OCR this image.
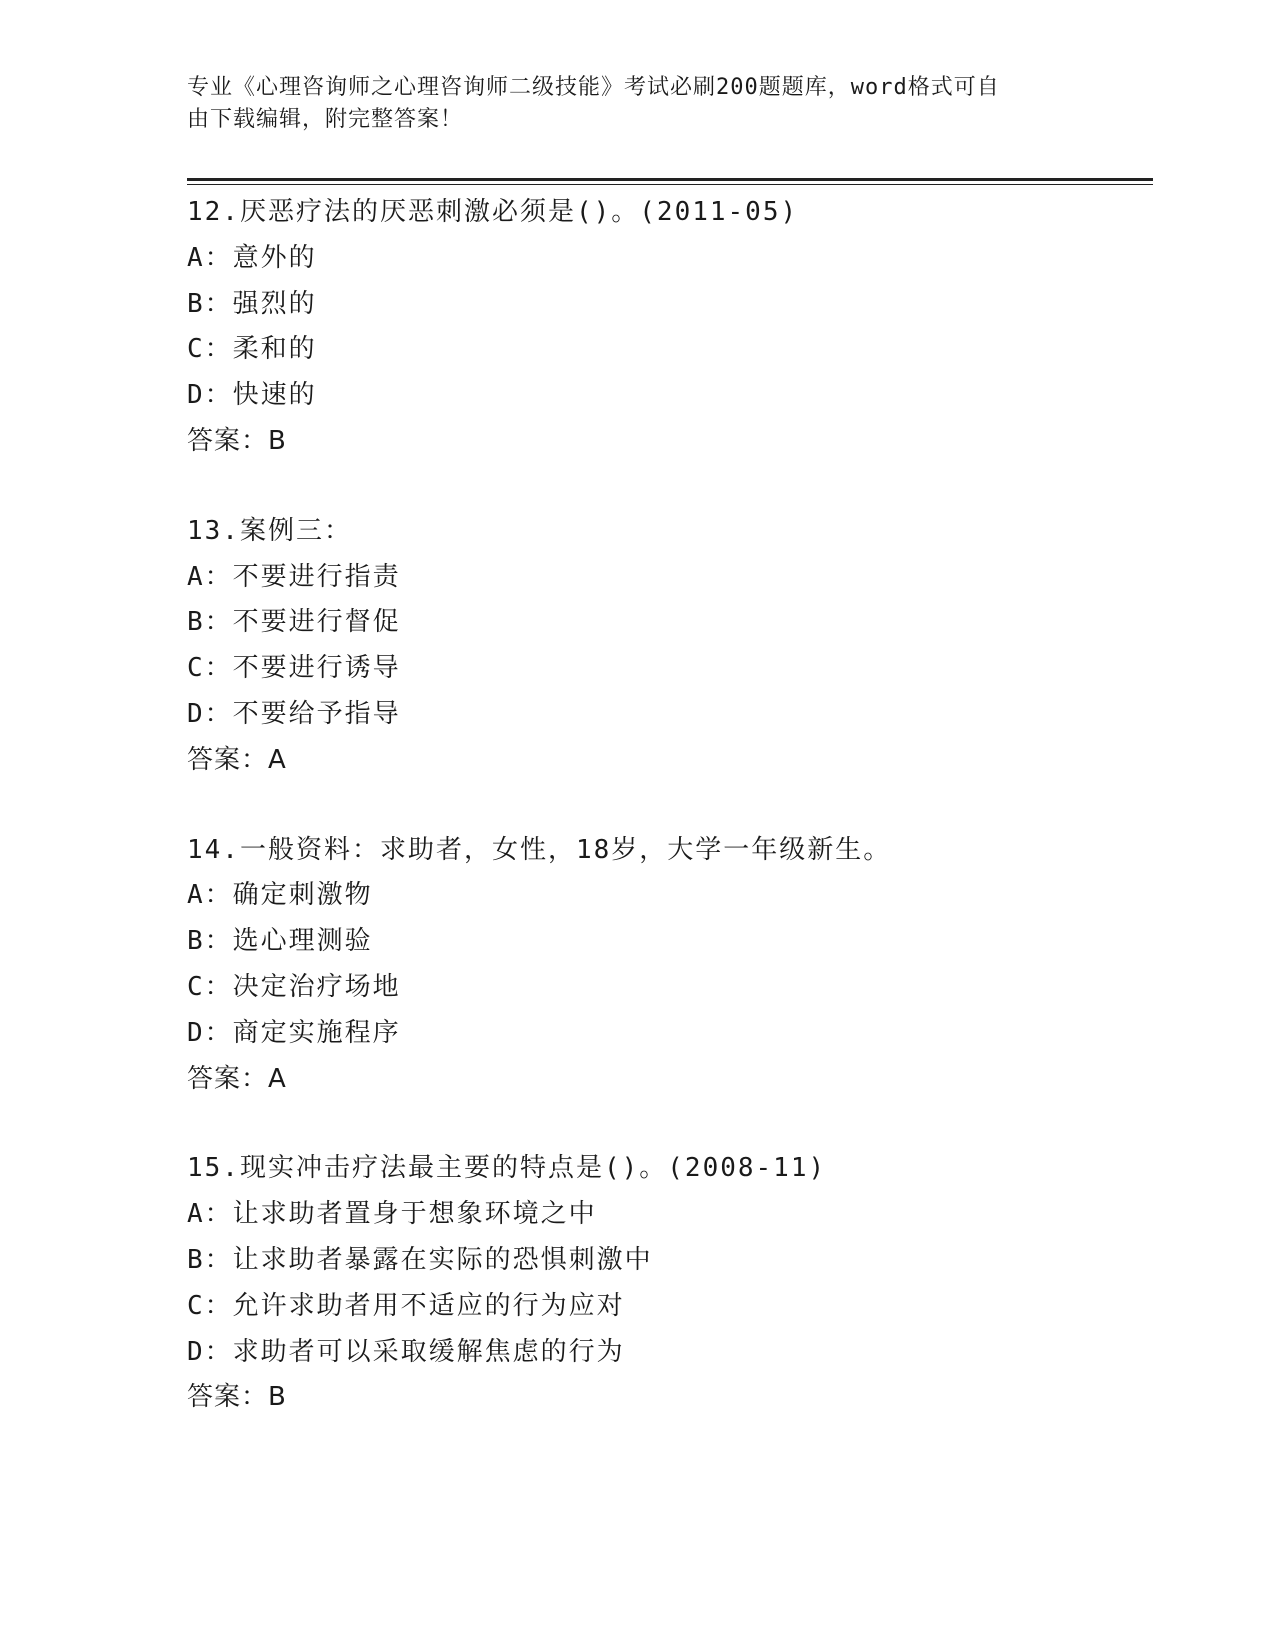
专业《心理咨询师之心理咨询师二级技能》考试必刷200题题库，word格式可自
由下载编辑，附完整答案！
12.厌恶疗法的厌恶刺激必须是()。(2011-05)
A：意外的
B：强烈的
C：柔和的
D：快速的
答案：B
13.案例三：
A：不要进行指责
B：不要进行督促
C：不要进行诱导
D：不要给予指导
答案：A
14.一般资料：求助者，女性，18岁，大学一年级新生。
A：确定刺激物
B：选心理测验
C：决定治疗场地
D：商定实施程序
答案：A
15.现实冲击疗法最主要的特点是()。(2008-11)
A：让求助者置身于想象环境之中
B：让求助者暴露在实际的恐惧刺激中
C：允许求助者用不适应的行为应对
D：求助者可以采取缓解焦虑的行为
答案：B
